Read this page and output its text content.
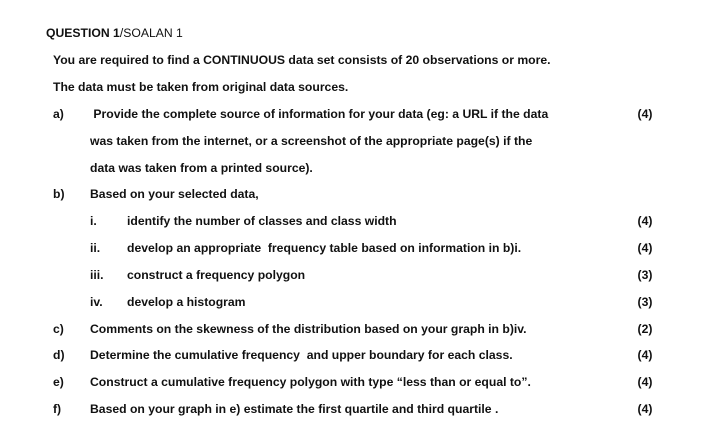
QUESTION 1/SOALAN 1
You are required to find a CONTINUOUS data set consists of 20 observations or more.
The data must be taken from original data sources.
a) Provide the complete source of information for your data (eg: a URL if the data	(4)
was taken from the internet, or a screenshot of the appropriate page(s) if the
data was taken from a printed source).
b) Based on your selected data,
i. identify the number of classes and class width	(4)
ii. develop an appropriate  frequency table based on information in b)i.	(4)
iii. construct a frequency polygon	(3)
iv. develop a histogram	(3)
c) Comments on the skewness of the distribution based on your graph in b)iv.	(2)
d) Determine the cumulative frequency  and upper boundary for each class.	(4)
e) Construct a cumulative frequency polygon with type “less than or equal to”.	(4)
f) Based on your graph in e) estimate the first quartile and third quartile .	(4)
